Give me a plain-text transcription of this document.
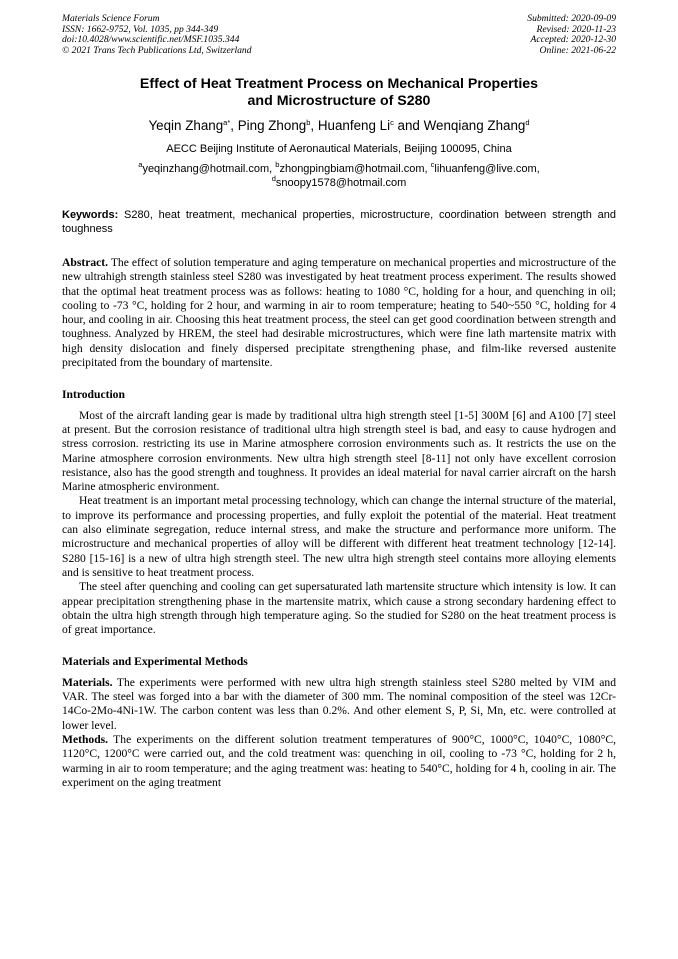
Materials Science Forum
ISSN: 1662-9752, Vol. 1035, pp 344-349
doi:10.4028/www.scientific.net/MSF.1035.344
© 2021 Trans Tech Publications Ltd, Switzerland
Submitted: 2020-09-09
Revised: 2020-11-23
Accepted: 2020-12-30
Online: 2021-06-22
Effect of Heat Treatment Process on Mechanical Properties
and Microstructure of S280
Yeqin Zhang$^{a*}$, Ping Zhong$^b$, Huanfeng Li$^c$ and Wenqiang Zhang$^d$
AECC Beijing Institute of Aeronautical Materials, Beijing 100095, China
$^a$yeqinzhang@hotmail.com, $^b$zhongpingbiam@hotmail.com, $^c$lihuanfeng@live.com,
$^d$snoopy1578@hotmail.com
Keywords: S280, heat treatment, mechanical properties, microstructure, coordination between strength and toughness
Abstract. The effect of solution temperature and aging temperature on mechanical properties and microstructure of the new ultrahigh strength stainless steel S280 was investigated by heat treatment process experiment. The results showed that the optimal heat treatment process was as follows: heating to 1080 °C, holding for a hour, and quenching in oil; cooling to -73 °C, holding for 2 hour, and warming in air to room temperature; heating to 540~550 °C, holding for 4 hour, and cooling in air. Choosing this heat treatment process, the steel can get good coordination between strength and toughness. Analyzed by HREM, the steel had desirable microstructures, which were fine lath martensite matrix with high density dislocation and finely dispersed precipitate strengthening phase, and film-like reversed austenite precipitated from the boundary of martensite.
Introduction

Most of the aircraft landing gear is made by traditional ultra high strength steel [1-5] 300M [6] and A100 [7] steel at present. But the corrosion resistance of traditional ultra high strength steel is bad, and easy to cause hydrogen and stress corrosion. restricting its use in Marine atmosphere corrosion environments such as. It restricts the use on the Marine atmosphere corrosion environments. New ultra high strength steel [8-11] not only have excellent corrosion resistance, also has the good strength and toughness. It provides an ideal material for naval carrier aircraft on the harsh Marine atmospheric environment.

Heat treatment is an important metal processing technology, which can change the internal structure of the material, to improve its performance and processing properties, and fully exploit the potential of the material. Heat treatment can also eliminate segregation, reduce internal stress, and make the structure and performance more uniform. The microstructure and mechanical properties of alloy will be different with different heat treatment technology [12-14]. S280 [15-16] is a new of ultra high strength steel. The new ultra high strength steel contains more alloying elements and is sensitive to heat treatment process.

The steel after quenching and cooling can get supersaturated lath martensite structure which intensity is low. It can appear precipitation strengthening phase in the martensite matrix, which cause a strong secondary hardening effect to obtain the ultra high strength through high temperature aging. So the studied for S280 on the heat treatment process is of great importance.

Materials and Experimental Methods

Materials. The experiments were performed with new ultra high strength stainless steel S280 melted by VIM and VAR. The steel was forged into a bar with the diameter of 300 mm. The nominal composition of the steel was 12Cr-14Co-2Mo-4Ni-1W. The carbon content was less than 0.2%. And other element S, P, Si, Mn, etc. were controlled at lower level.

Methods. The experiments on the different solution treatment temperatures of 900°C, 1000°C, 1040°C, 1080°C, 1120°C, 1200°C were carried out, and the cold treatment was: quenching in oil, cooling to -73 °C, holding for 2 h, warming in air to room temperature; and the aging treatment was: heating to 540°C, holding for 4 h, cooling in air. The experiment on the aging treatment
